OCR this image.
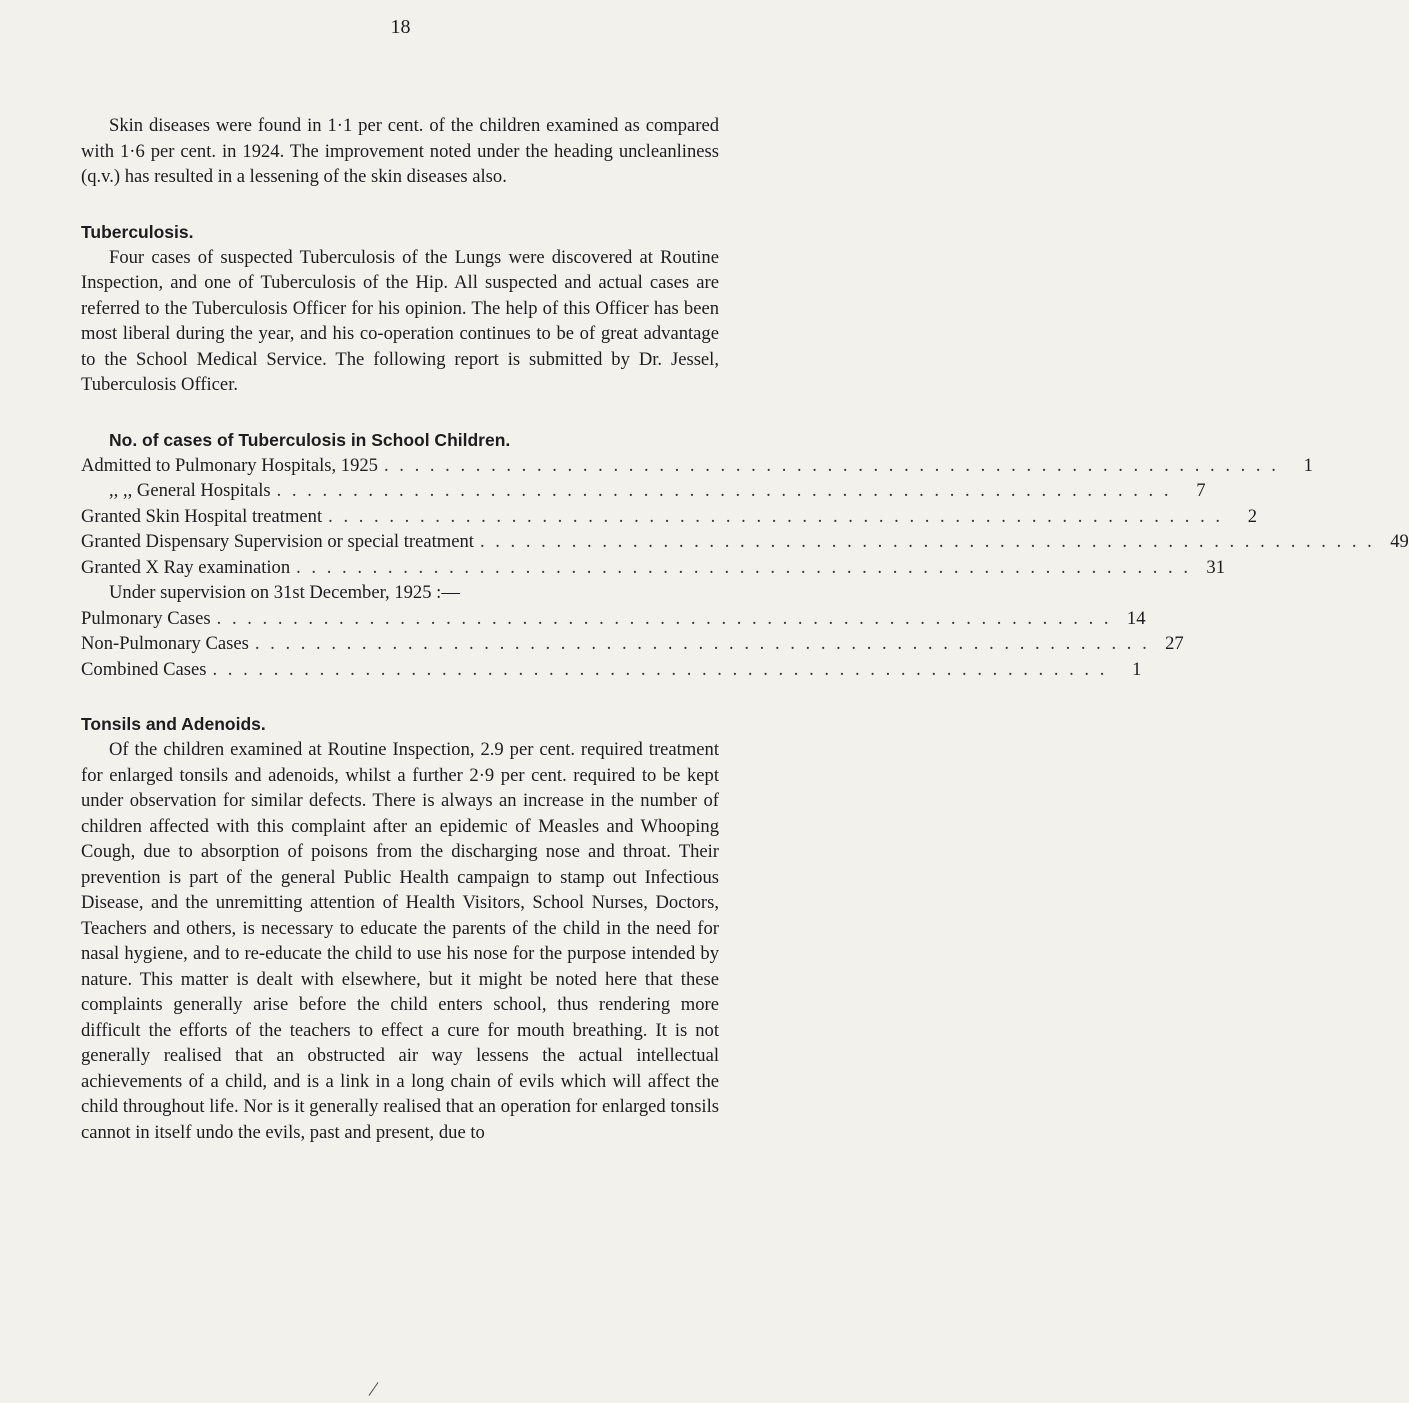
18

Skin diseases were found in 1·1 per cent. of the children examined as compared with 1·6 per cent. in 1924. The improvement noted under the heading uncleanliness (q.v.) has resulted in a lessening of the skin diseases also.

Tuberculosis.

Four cases of suspected Tuberculosis of the Lungs were discovered at Routine Inspection, and one of Tuberculosis of the Hip. All suspected and actual cases are referred to the Tuberculosis Officer for his opinion. The help of this Officer has been most liberal during the year, and his co-operation continues to be of great advantage to the School Medical Service. The following report is submitted by Dr. Jessel, Tuberculosis Officer.

No. of cases of Tuberculosis in School Children.
Admitted to Pulmonary Hospitals, 1925 . . . . . . . . . . . . . . . . . . . . . . . . . . . . . . . . . . . . . . . . . . . . . . . . . . . . . . . . . . .	1
,, ,, General Hospitals . . . . . . . . . . . . . . . . . . . . . . . . . . . . . . . . . . . . . . . . . . . . . . . . . . . . . . . . . . .	7
Granted Skin Hospital treatment . . . . . . . . . . . . . . . . . . . . . . . . . . . . . . . . . . . . . . . . . . . . . . . . . . . . . . . . . . .	2
Granted Dispensary Supervision or special treatment . . . . . . . . . . . . . . . . . . . . . . . . . . . . . . . . . . . . . . . . . . . . . . . . . . . . . . . . . . . 49
Granted X Ray examination . . . . . . . . . . . . . . . . . . . . . . . . . . . . . . . . . . . . . . . . . . . . . . . . . . . . . . . . . . . 31
Under supervision on 31st December, 1925 :—
Pulmonary Cases . . . . . . . . . . . . . . . . . . . . . . . . . . . . . . . . . . . . . . . . . . . . . . . . . . . . . . . . . . . 14
Non-Pulmonary Cases . . . . . . . . . . . . . . . . . . . . . . . . . . . . . . . . . . . . . . . . . . . . . . . . . . . . . . . . . . . 27
Combined Cases . . . . . . . . . . . . . . . . . . . . . . . . . . . . . . . . . . . . . . . . . . . . . . . . . . . . . . . . . . .	1
Tonsils and Adenoids.

Of the children examined at Routine Inspection, 2.9 per cent. required treatment for enlarged tonsils and adenoids, whilst a further 2·9 per cent. required to be kept under observation for similar defects. There is always an increase in the number of children affected with this complaint after an epidemic of Measles and Whooping Cough, due to absorption of poisons from the discharging nose and throat. Their prevention is part of the general Public Health campaign to stamp out Infectious Disease, and the unremitting attention of Health Visitors, School Nurses, Doctors, Teachers and others, is necessary to educate the parents of the child in the need for nasal hygiene, and to re-educate the child to use his nose for the purpose intended by nature. This matter is dealt with elsewhere, but it might be noted here that these complaints generally arise before the child enters school, thus rendering more difficult the efforts of the teachers to effect a cure for mouth breathing. It is not generally realised that an obstructed air way lessens the actual intellectual achievements of a child, and is a link in a long chain of evils which will affect the child throughout life. Nor is it generally realised that an operation for enlarged tonsils cannot in itself undo the evils, past and present, due to
